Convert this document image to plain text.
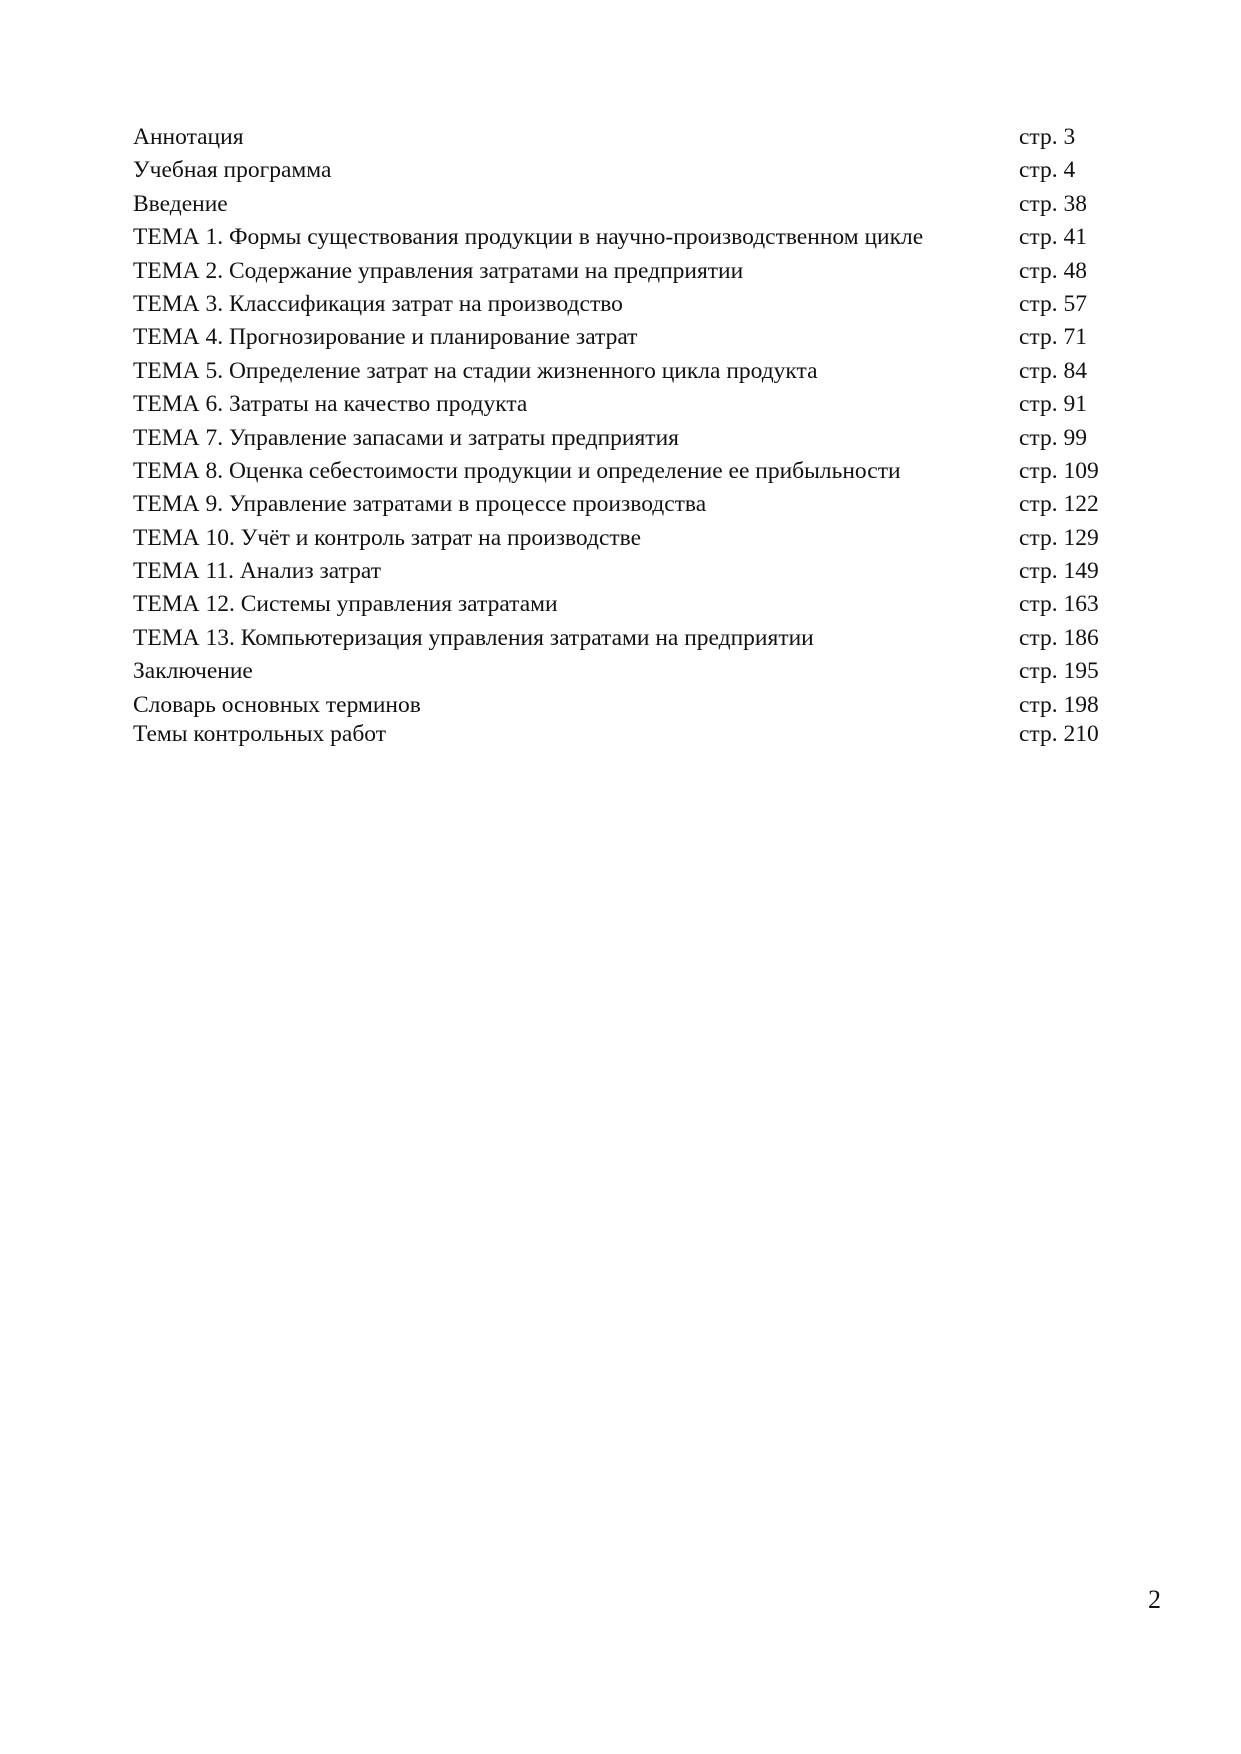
Аннотация	стр. 3
Учебная программа	стр. 4
Введение	стр. 38
ТЕМА 1. Формы существования продукции в научно-производственном цикле	стр. 41
ТЕМА 2. Содержание управления затратами на предприятии	стр. 48
ТЕМА 3. Классификация затрат на производство	стр. 57
ТЕМА 4. Прогнозирование и планирование затрат	стр. 71
ТЕМА 5. Определение затрат на стадии жизненного цикла продукта	стр. 84
ТЕМА 6. Затраты на качество продукта	стр. 91
ТЕМА 7. Управление запасами и затраты предприятия	стр. 99
ТЕМА 8. Оценка себестоимости продукции и определение ее прибыльности	стр. 109
ТЕМА 9. Управление затратами в процессе производства	стр. 122
ТЕМА 10. Учёт и контроль затрат на производстве	стр. 129
ТЕМА 11. Анализ затрат	стр. 149
ТЕМА 12. Системы управления затратами	стр. 163
ТЕМА 13. Компьютеризация управления затратами на предприятии	стр. 186
Заключение	стр. 195
Словарь основных терминов	стр. 198
Темы контрольных работ	стр. 210
2
